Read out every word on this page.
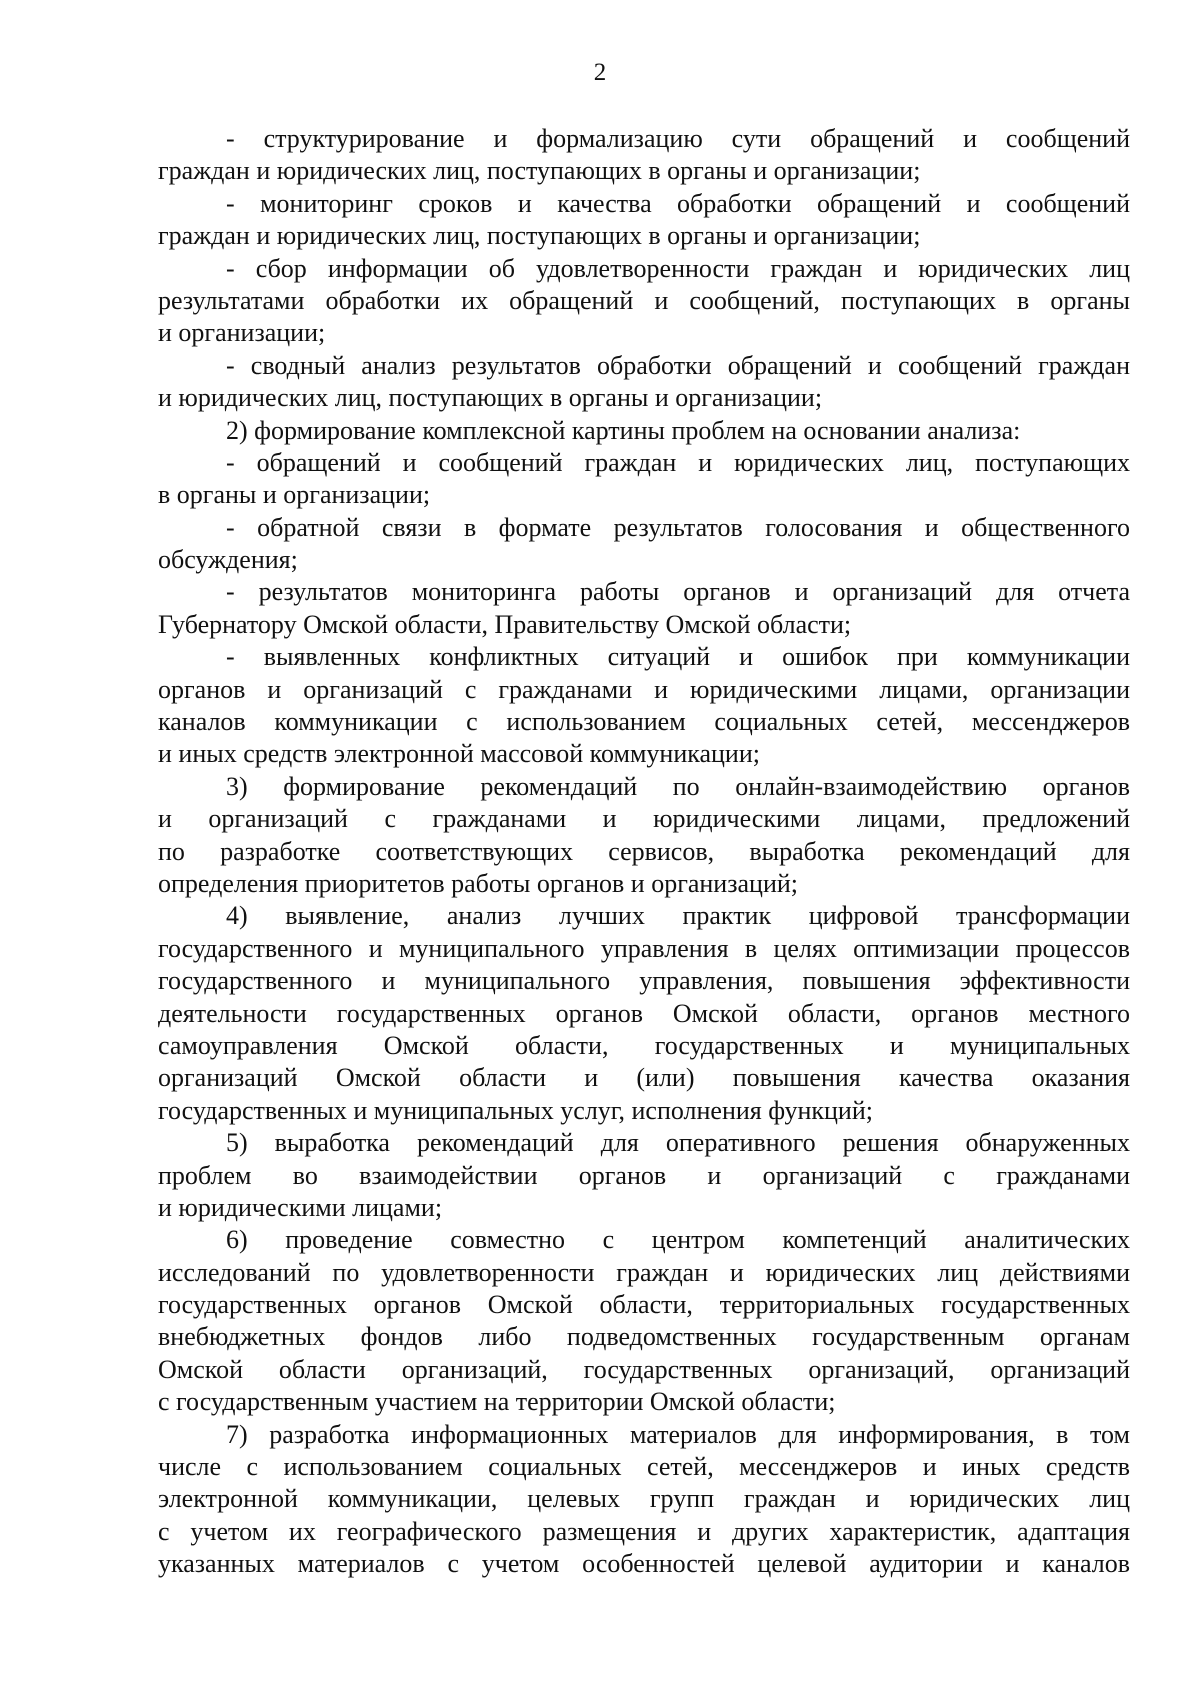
2
- структурирование и формализацию сути обращений и сообщений
граждан и юридических лиц, поступающих в органы и организации;
- мониторинг сроков и качества обработки обращений и сообщений
граждан и юридических лиц, поступающих в органы и организации;
- сбор информации об удовлетворенности граждан и юридических лиц
результатами обработки их обращений и сообщений, поступающих в органы
и организации;
- сводный анализ результатов обработки обращений и сообщений граждан
и юридических лиц, поступающих в органы и организации;
2) формирование комплексной картины проблем на основании анализа:
- обращений и сообщений граждан и юридических лиц, поступающих
в органы и организации;
- обратной связи в формате результатов голосования и общественного
обсуждения;
- результатов мониторинга работы органов и организаций для отчета
Губернатору Омской области, Правительству Омской области;
- выявленных конфликтных ситуаций и ошибок при коммуникации
органов и организаций с гражданами и юридическими лицами, организации
каналов коммуникации с использованием социальных сетей, мессенджеров
и иных средств электронной массовой коммуникации;
3) формирование рекомендаций по онлайн-взаимодействию органов
и организаций с гражданами и юридическими лицами, предложений
по разработке соответствующих сервисов, выработка рекомендаций для
определения приоритетов работы органов и организаций;
4) выявление, анализ лучших практик цифровой трансформации
государственного и муниципального управления в целях оптимизации процессов
государственного и муниципального управления, повышения эффективности
деятельности государственных органов Омской области, органов местного
самоуправления Омской области, государственных и муниципальных
организаций Омской области и (или) повышения качества оказания
государственных и муниципальных услуг, исполнения функций;
5) выработка рекомендаций для оперативного решения обнаруженных
проблем во взаимодействии органов и организаций с гражданами
и юридическими лицами;
6) проведение совместно с центром компетенций аналитических
исследований по удовлетворенности граждан и юридических лиц действиями
государственных органов Омской области, территориальных государственных
внебюджетных фондов либо подведомственных государственным органам
Омской области организаций, государственных организаций, организаций
с государственным участием на территории Омской области;
7) разработка информационных материалов для информирования, в том
числе с использованием социальных сетей, мессенджеров и иных средств
электронной коммуникации, целевых групп граждан и юридических лиц
с учетом их географического размещения и других характеристик, адаптация
указанных материалов с учетом особенностей целевой аудитории и каналов
